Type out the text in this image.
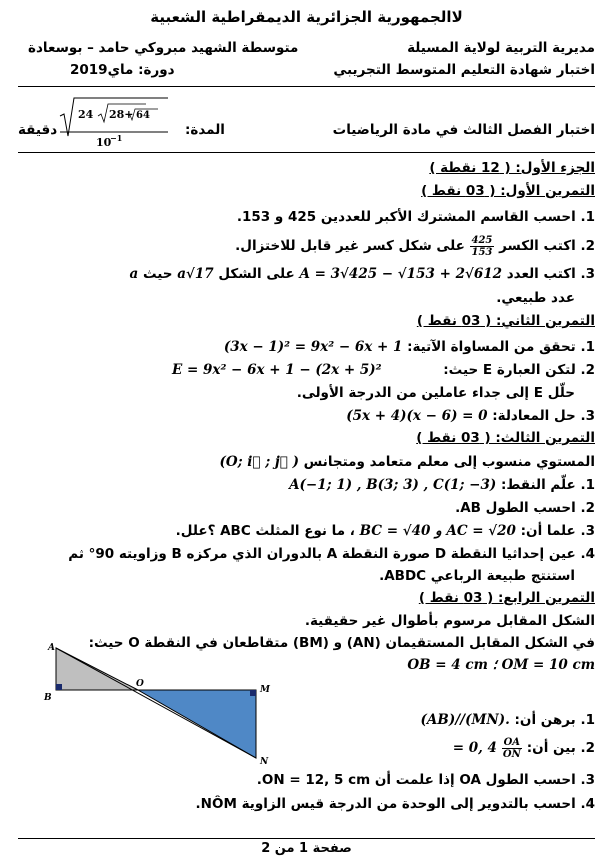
لاالجمهورية الجزائرية الديمقراطية الشعبية
مديرية التربية لولاية المسيلة
متوسطة الشهيد مبروكي حامد – بوسعادة
اختبار شهادة التعليم المتوسط التجريبي
دورة: ماي2019
اختبار الفصل الثالث في مادة الرياضيات
المدة:
24 28+ 64
10
−1
دقيقة
الجزء الأول: ( 12 نقطة )
التمرين الأول: ( 03 نقط )
1. احسب القاسم المشترك الأكبر للعددين 425 و 153.
2. اكتب الكسر
$\frac{425}{153}$
على شكل كسر غير قابل للاختزال.
3. اكتب العدد A = 3√425 − √153 + 2√612 على الشكل a√17 حيث a
عدد طبيعي.
التمرين الثاني: ( 03 نقط )
1. تحقق من المساواة الآتية: (3x − 1)² = 9x² − 6x + 1
2. لتكن العبارة E حيث:
E = 9x² − 6x + 1 − (2x + 5)²
حلّل E إلى جداء عاملين من الدرجة الأولى.
3. حل المعادلة: (5x + 4)(x − 6) = 0
التمرين الثالث: ( 03 نقط )
المستوي منسوب إلى معلم متعامد ومتجانس (O; i⃗ ; j⃗ )
1. علّم النقط: A(−1; 1) , B(3; 3) , C(1; −3)
2. احسب الطول AB.
3. علما أن: BC = √40 و AC = √20 ، ما نوع المثلث ABC ؟علل.
4. عين إحداثيا النقطة D صورة النقطة A بالدوران الذي مركزه B وزاويته 90° ثم
استنتج طبيعة الرباعي ABDC.
التمرين الرابع: ( 03 نقط )
الشكل المقابل مرسوم بأطوال غير حقيقية.
في الشكل المقابل المستقيمان (AN) و (BM) متقاطعان في النقطة O حيث:
OB = 4 cm ؛ OM = 10 cm
A
B
O
M
N
1. برهن أن: (AB)//(MN).
2. بين أن:
$\frac{OA}{ON}$
= 0, 4
3. احسب الطول OA إذا علمت أن ON = 12, 5 cm.
4. احسب بالتدوير إلى الوحدة من الدرجة قيس الزاوية NÔM.
صفحة 1 من 2
